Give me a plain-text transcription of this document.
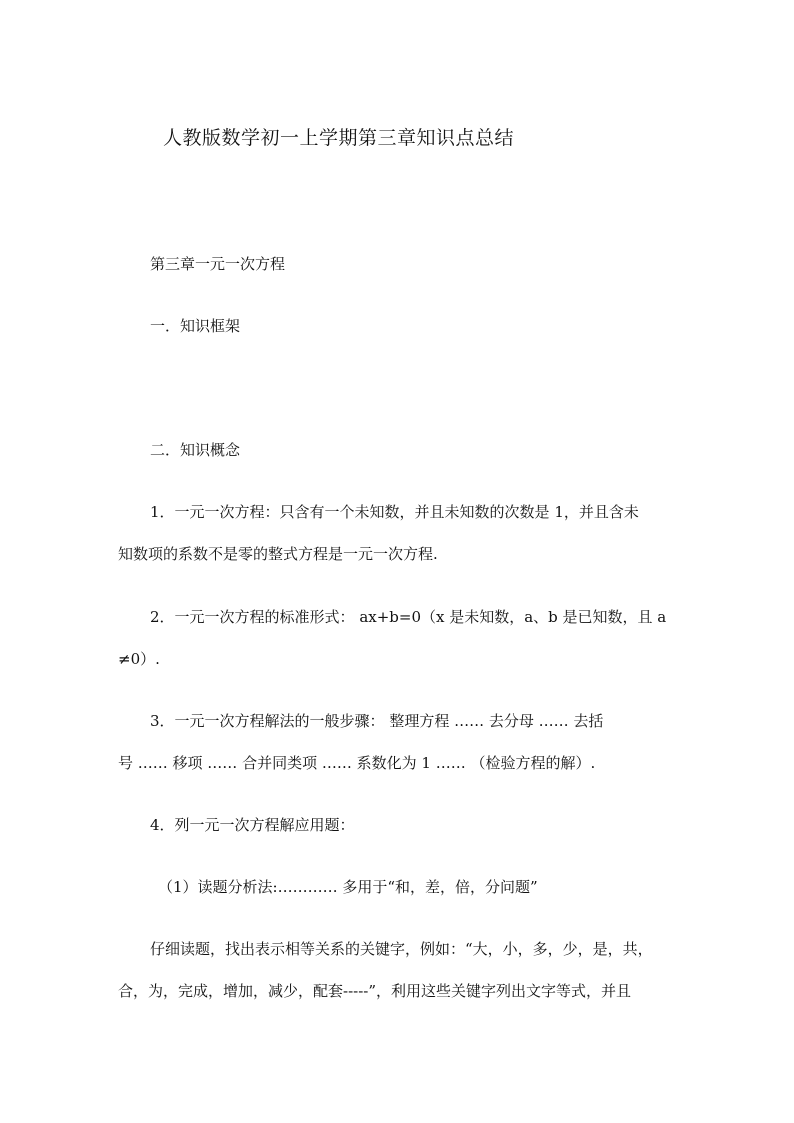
人教版数学初一上学期第三章知识点总结
第三章一元一次方程
一．知识框架
二．知识概念
1．一元一次方程：只含有一个未知数，并且未知数的次数是 1，并且含未
知数项的系数不是零的整式方程是一元一次方程.
2．一元一次方程的标准形式： ax+b=0（x 是未知数，a、b 是已知数，且 a
≠0）.
3．一元一次方程解法的一般步骤： 整理方程 …… 去分母 …… 去括
号 …… 移项 …… 合并同类项 …… 系数化为 1 …… （检验方程的解）.
4．列一元一次方程解应用题：
（1）读题分析法:………… 多用于“和，差，倍，分问题”
仔细读题，找出表示相等关系的关键字，例如：“大，小，多，少，是，共，
合，为，完成，增加，减少，配套-----”，利用这些关键字列出文字等式，并且
